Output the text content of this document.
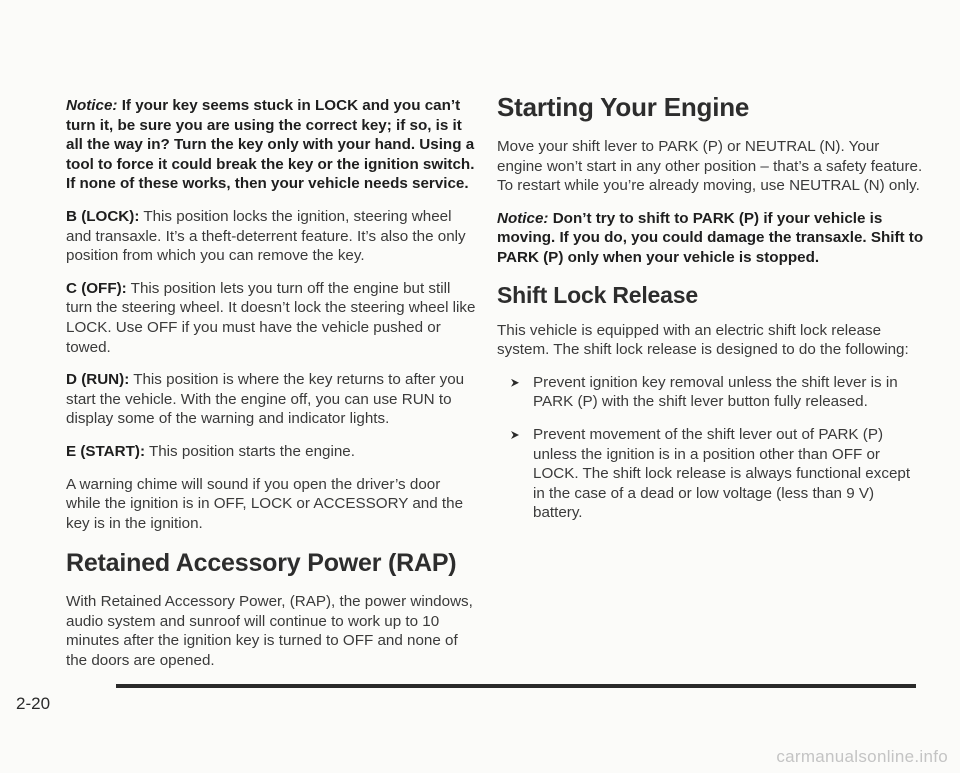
Notice: If your key seems stuck in LOCK and you can’t turn it, be sure you are using the correct key; if so, is it all the way in? Turn the key only with your hand. Using a tool to force it could break the key or the ignition switch. If none of these works, then your vehicle needs service.

B (LOCK): This position locks the ignition, steering wheel and transaxle. It’s a theft-deterrent feature. It’s also the only position from which you can remove the key.

C (OFF): This position lets you turn off the engine but still turn the steering wheel. It doesn’t lock the steering wheel like LOCK. Use OFF if you must have the vehicle pushed or towed.

D (RUN): This position is where the key returns to after you start the vehicle. With the engine off, you can use RUN to display some of the warning and indicator lights.

E (START): This position starts the engine.

A warning chime will sound if you open the driver’s door while the ignition is in OFF, LOCK or ACCESSORY and the key is in the ignition.

Retained Accessory Power (RAP)

With Retained Accessory Power, (RAP), the power windows, audio system and sunroof will continue to work up to 10 minutes after the ignition key is turned to OFF and none of the doors are opened.

Starting Your Engine

Move your shift lever to PARK (P) or NEUTRAL (N). Your engine won’t start in any other position – that’s a safety feature. To restart while you’re already moving, use NEUTRAL (N) only.

Notice: Don’t try to shift to PARK (P) if your vehicle is moving. If you do, you could damage the transaxle. Shift to PARK (P) only when your vehicle is stopped.

Shift Lock Release

This vehicle is equipped with an electric shift lock release system. The shift lock release is designed to do the following:

Prevent ignition key removal unless the shift lever is in PARK (P) with the shift lever button fully released.
Prevent movement of the shift lever out of PARK (P) unless the ignition is in a position other than OFF or LOCK. The shift lock release is always functional except in the case of a dead or low voltage (less than 9 V) battery.
2-20
carmanualsonline.info
